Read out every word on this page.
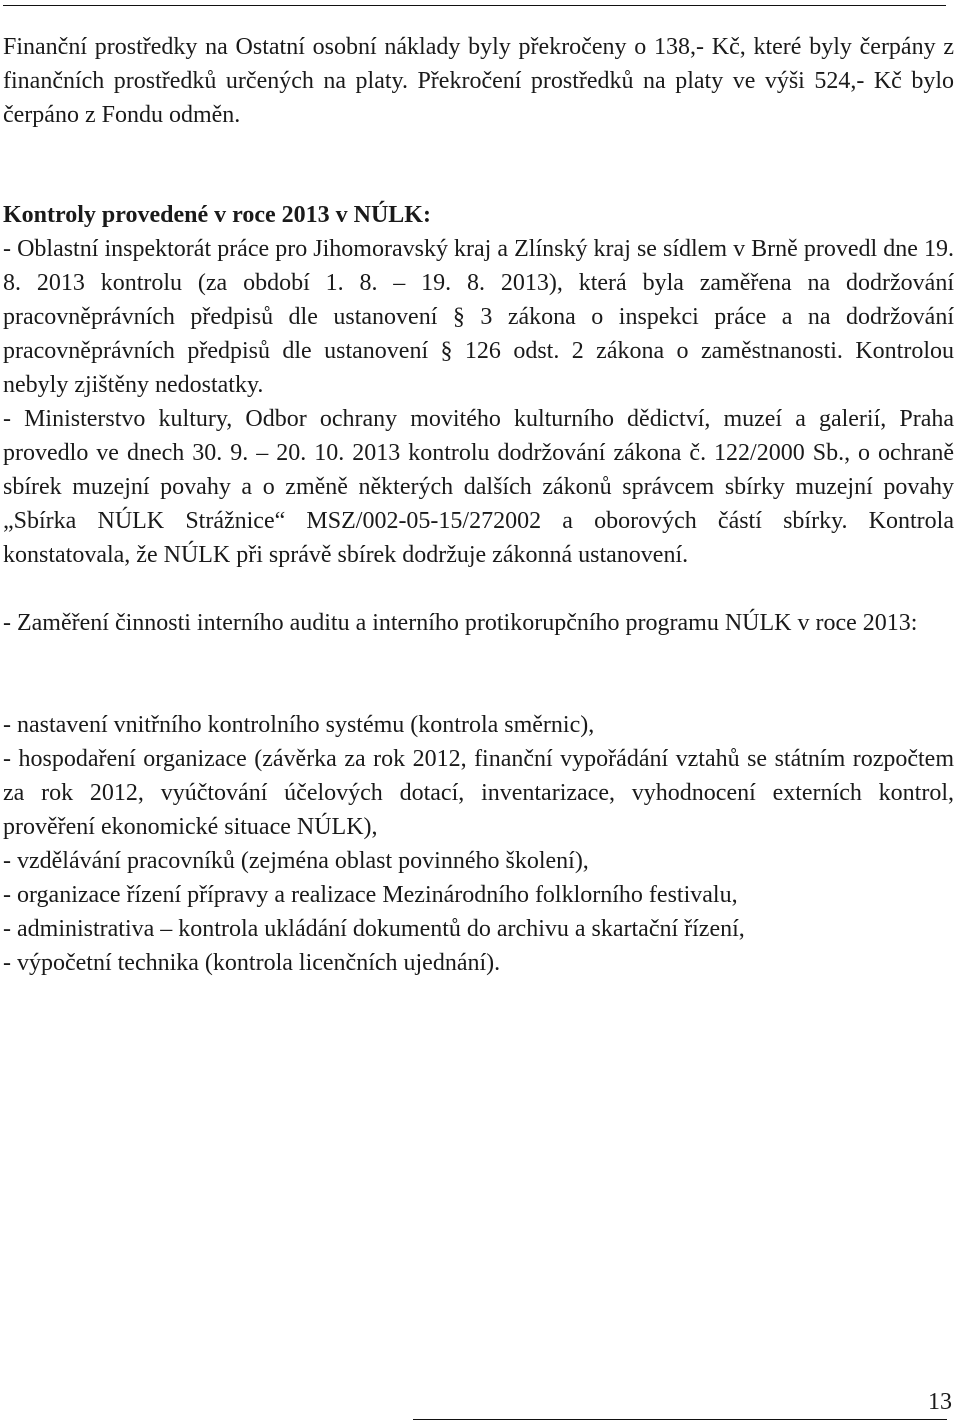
Finanční prostředky na Ostatní osobní náklady byly překročeny o 138,- Kč, které byly čerpány z finančních prostředků určených na platy. Překročení prostředků na platy ve výši 524,- Kč bylo čerpáno z Fondu odměn.

Kontroly provedené v roce 2013 v NÚLK:

- Oblastní inspektorát práce pro Jihomoravský kraj a Zlínský kraj se sídlem v Brně provedl dne 19. 8. 2013 kontrolu (za období 1. 8. – 19. 8. 2013), která byla zaměřena na dodržování pracovněprávních předpisů dle ustanovení § 3 zákona o inspekci práce a na dodržování pracovněprávních předpisů dle ustanovení § 126 odst. 2 zákona o zaměstnanosti. Kontrolou nebyly zjištěny nedostatky.

- Ministerstvo kultury, Odbor ochrany movitého kulturního dědictví, muzeí a galerií, Praha provedlo ve dnech 30. 9. – 20. 10. 2013 kontrolu dodržování zákona č. 122/2000 Sb., o ochraně sbírek muzejní povahy a o změně některých dalších zákonů správcem sbírky muzejní povahy „Sbírka NÚLK Strážnice“ MSZ/002-05-15/272002 a oborových částí sbírky. Kontrola konstatovala, že NÚLK při správě sbírek dodržuje zákonná ustanovení.

- Zaměření činnosti interního auditu a interního protikorupčního programu NÚLK v roce 2013:

- nastavení vnitřního kontrolního systému (kontrola směrnic),
- hospodaření organizace (závěrka za rok 2012, finanční vypořádání vztahů se státním rozpočtem za rok 2012, vyúčtování účelových dotací, inventarizace, vyhodnocení externích kontrol, prověření ekonomické situace NÚLK),
- vzdělávání pracovníků (zejména oblast povinného školení),
- organizace řízení přípravy a realizace Mezinárodního folklorního festivalu,
- administrativa – kontrola ukládání dokumentů do archivu a skartační řízení,
- výpočetní technika (kontrola licenčních ujednání).
13
